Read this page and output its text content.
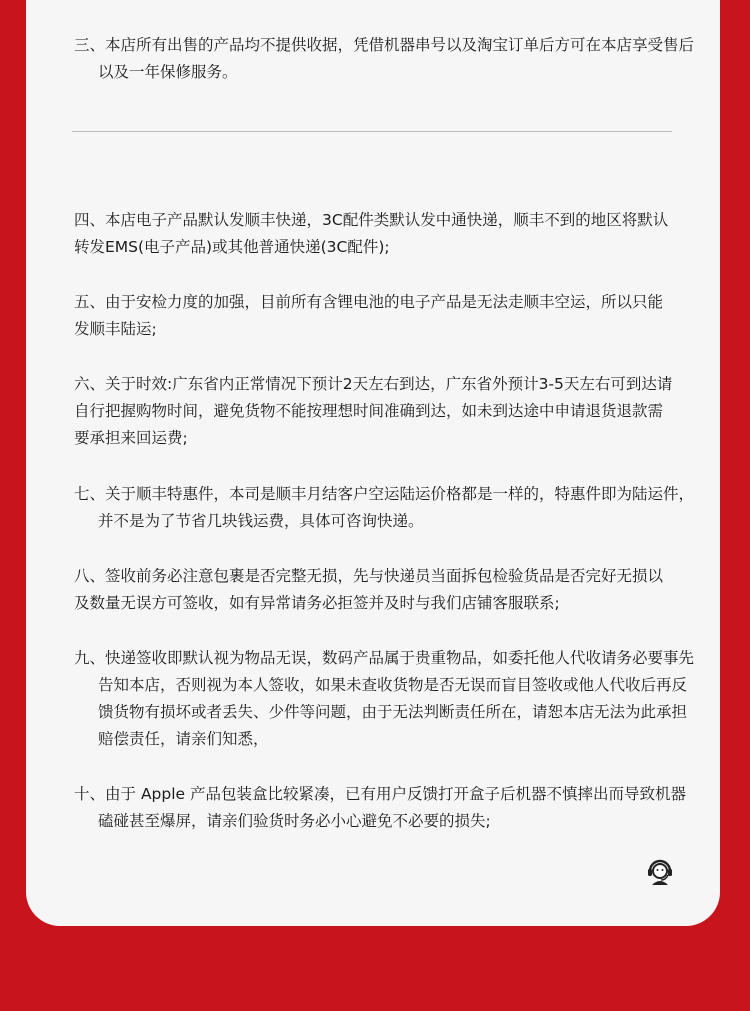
三、本店所有出售的产品均不提供收据，凭借机器串号以及淘宝订单后方可在本店享受售后以及一年保修服务。
四、本店电子产品默认发顺丰快递，3C配件类默认发中通快递，顺丰不到的地区将默认转发EMS(电子产品)或其他普通快递(3C配件);
五、由于安检力度的加强，目前所有含锂电池的电子产品是无法走顺丰空运，所以只能发顺丰陆运;
六、关于时效:广东省内正常情况下预计2天左右到达，广东省外预计3-5天左右可到达请自行把握购物时间，避免货物不能按理想时间准确到达，如未到达途中申请退货退款需要承担来回运费;
七、关于顺丰特惠件，本司是顺丰月结客户空运陆运价格都是一样的，特惠件即为陆运件，并不是为了节省几块钱运费，具体可咨询快递。
八、签收前务必注意包裹是否完整无损，先与快递员当面拆包检验货品是否完好无损以及数量无误方可签收，如有异常请务必拒签并及时与我们店铺客服联系;
九、快递签收即默认视为物品无误，数码产品属于贵重物品，如委托他人代收请务必要事先告知本店，否则视为本人签收，如果未查收货物是否无误而盲目签收或他人代收后再反馈货物有损坏或者丢失、少件等问题，由于无法判断责任所在，请恕本店无法为此承担赔偿责任，请亲们知悉，
十、由于 Apple 产品包装盒比较紧凑，已有用户反馈打开盒子后机器不慎摔出而导致机器磕碰甚至爆屏，请亲们验货时务必小心避免不必要的损失;
